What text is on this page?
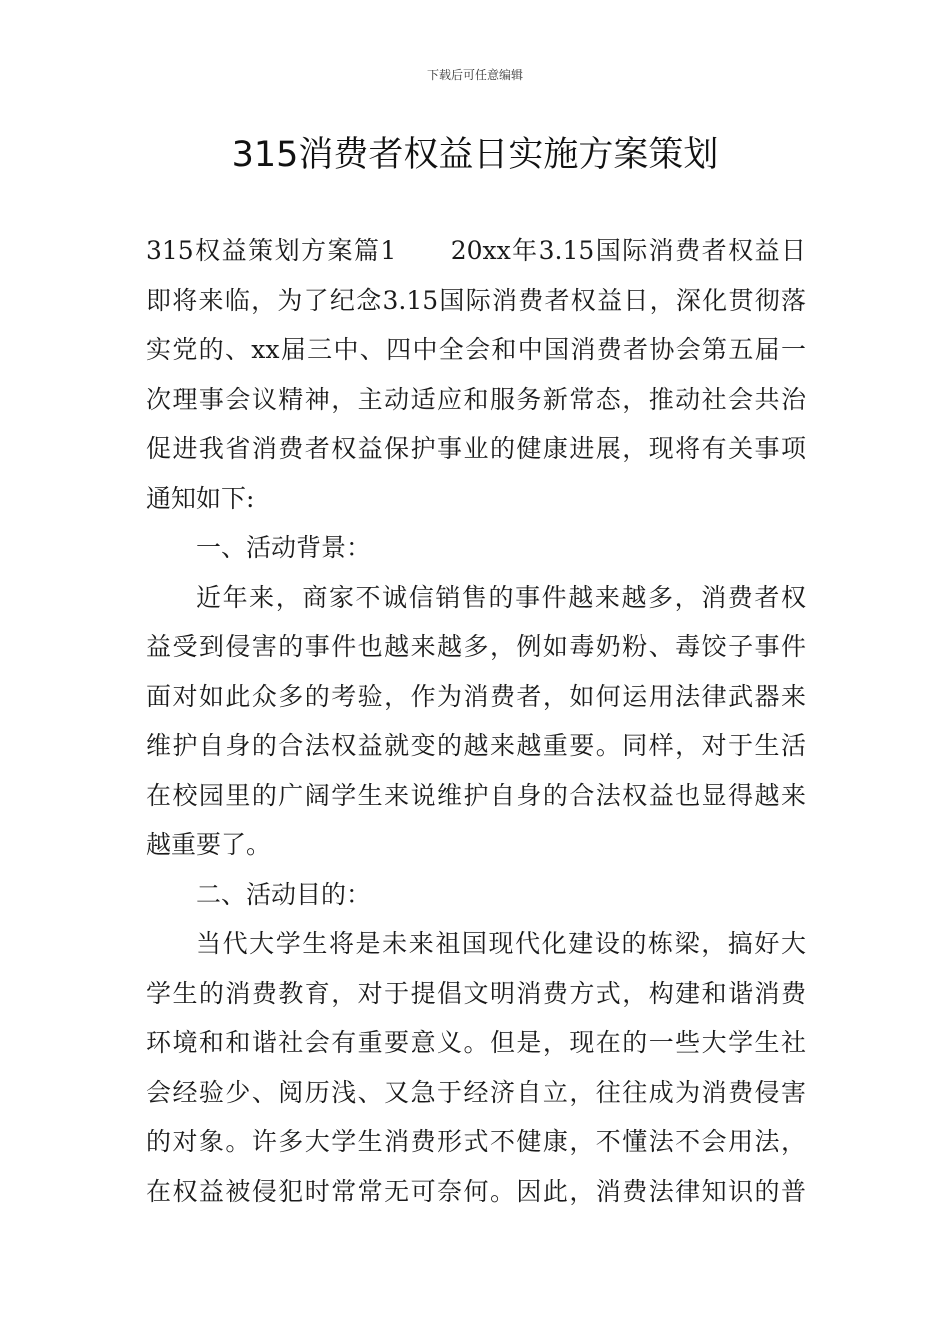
下载后可任意编辑
315消费者权益日实施方案策划
315权益策划方案篇1　　20xx年3.15国际消费者权益日
即将来临，为了纪念3.15国际消费者权益日，深化贯彻落
实党的、xx届三中、四中全会和中国消费者协会第五届一
次理事会议精神，主动适应和服务新常态，推动社会共治
促进我省消费者权益保护事业的健康进展，现将有关事项
通知如下:
一、活动背景：
近年来，商家不诚信销售的事件越来越多，消费者权
益受到侵害的事件也越来越多，例如毒奶粉、毒饺子事件
面对如此众多的考验，作为消费者，如何运用法律武器来
维护自身的合法权益就变的越来越重要。同样，对于生活
在校园里的广阔学生来说维护自身的合法权益也显得越来
越重要了。
二、活动目的：
当代大学生将是未来祖国现代化建设的栋梁，搞好大
学生的消费教育，对于提倡文明消费方式，构建和谐消费
环境和和谐社会有重要意义。但是，现在的一些大学生社
会经验少、阅历浅、又急于经济自立，往往成为消费侵害
的对象。许多大学生消费形式不健康，不懂法不会用法，
在权益被侵犯时常常无可奈何。因此，消费法律知识的普
